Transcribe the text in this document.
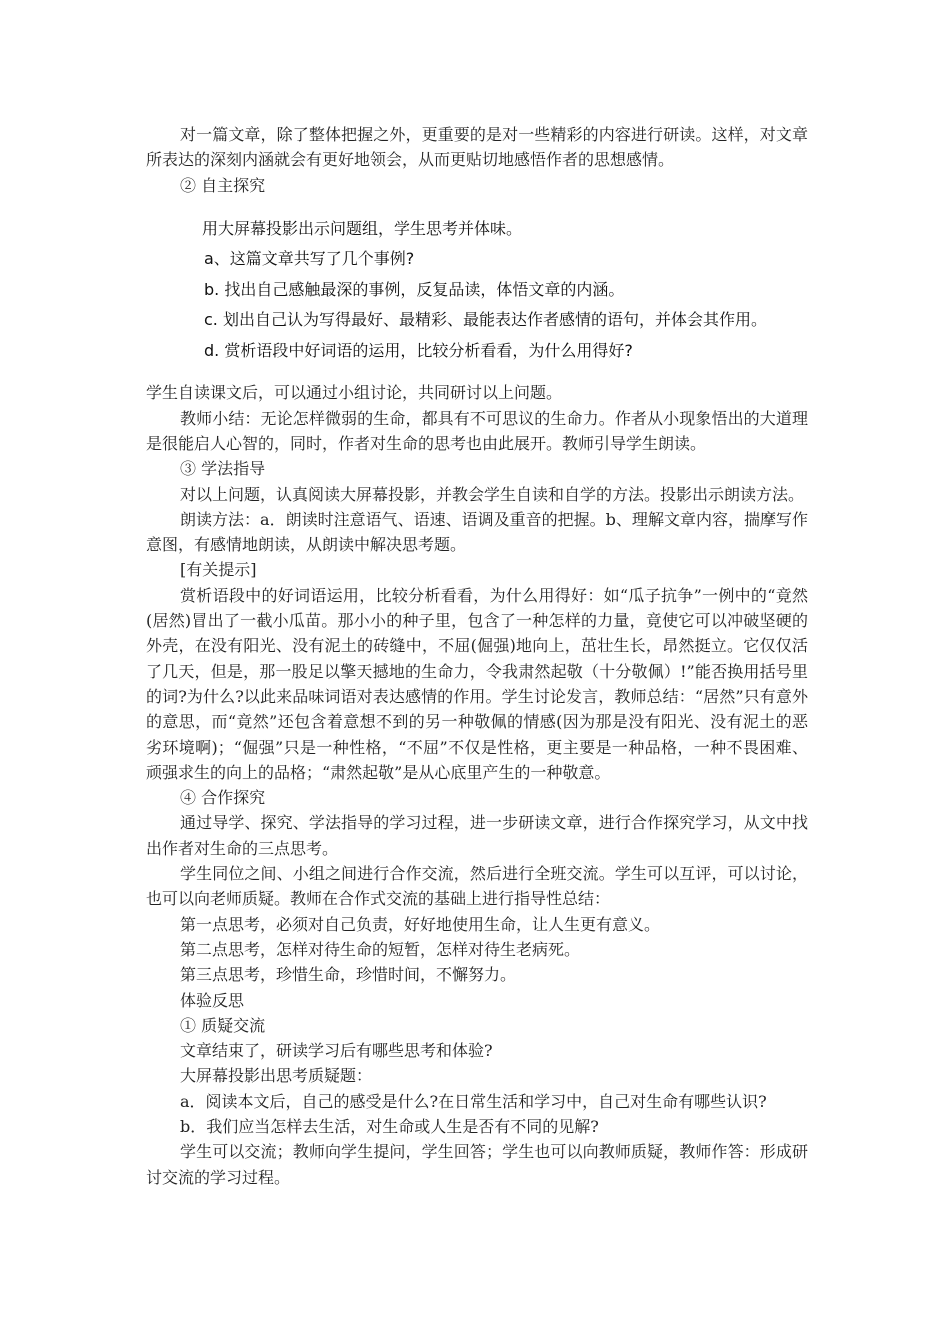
对一篇文章，除了整体把握之外，更重要的是对一些精彩的内容进行研读。这样，对文章所表达的深刻内涵就会有更好地领会，从而更贴切地感悟作者的思想感情。

② 自主探究

用大屏幕投影出示问题组，学生思考并体味。
a、这篇文章共写了几个事例?
b. 找出自己感触最深的事例，反复品读，体悟文章的内涵。
c. 划出自己认为写得最好、最精彩、最能表达作者感情的语句，并体会其作用。
d. 赏析语段中好词语的运用，比较分析看看，为什么用得好?

学生自读课文后，可以通过小组讨论，共同研讨以上问题。

教师小结：无论怎样微弱的生命，都具有不可思议的生命力。作者从小现象悟出的大道理是很能启人心智的，同时，作者对生命的思考也由此展开。教师引导学生朗读。

③ 学法指导

对以上问题，认真阅读大屏幕投影，并教会学生自读和自学的方法。投影出示朗读方法。

朗读方法：a．朗读时注意语气、语速、语调及重音的把握。b、理解文章内容，揣摩写作意图，有感情地朗读，从朗读中解决思考题。

[有关提示]

赏析语段中的好词语运用，比较分析看看，为什么用得好：如“瓜子抗争”一例中的“竟然(居然)冒出了一截小瓜苗。那小小的种子里，包含了一种怎样的力量，竟使它可以冲破坚硬的外壳，在没有阳光、没有泥土的砖缝中，不屈(倔强)地向上，茁壮生长，昂然挺立。它仅仅活了几天，但是，那一股足以擎天撼地的生命力，令我肃然起敬（十分敬佩）!”能否换用括号里的词?为什么?以此来品味词语对表达感情的作用。学生讨论发言，教师总结：“居然”只有意外的意思，而“竟然”还包含着意想不到的另一种敬佩的情感(因为那是没有阳光、没有泥土的恶劣环境啊)；“倔强”只是一种性格，“不屈”不仅是性格，更主要是一种品格，一种不畏困难、顽强求生的向上的品格；“肃然起敬”是从心底里产生的一种敬意。

④ 合作探究

通过导学、探究、学法指导的学习过程，进一步研读文章，进行合作探究学习，从文中找出作者对生命的三点思考。

学生同位之间、小组之间进行合作交流，然后进行全班交流。学生可以互评，可以讨论，也可以向老师质疑。教师在合作式交流的基础上进行指导性总结：

第一点思考，必须对自己负责，好好地使用生命，让人生更有意义。

第二点思考，怎样对待生命的短暂，怎样对待生老病死。

第三点思考，珍惜生命，珍惜时间，不懈努力。

体验反思

① 质疑交流

文章结束了，研读学习后有哪些思考和体验?

大屏幕投影出思考质疑题：

a．阅读本文后，自己的感受是什么?在日常生活和学习中，自己对生命有哪些认识?

b．我们应当怎样去生活，对生命或人生是否有不同的见解?

学生可以交流；教师向学生提问，学生回答；学生也可以向教师质疑，教师作答：形成研讨交流的学习过程。
